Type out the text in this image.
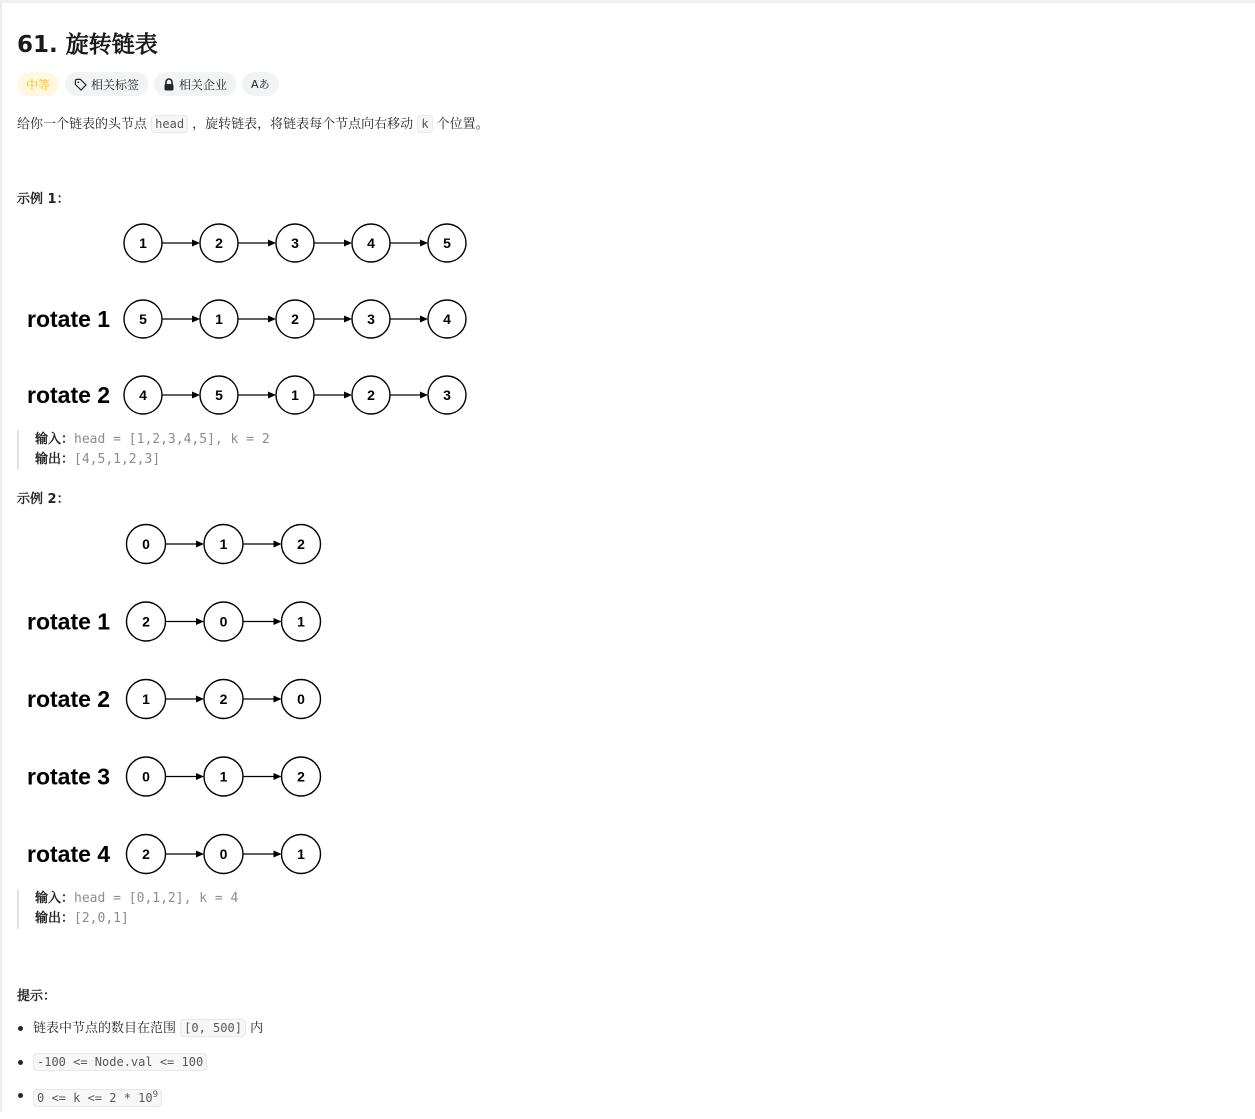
61. 旋转链表
中等	相关标签	相关企业 Aあ
给你一个链表的头节点 head ，旋转链表，将链表每个节点向右移动 k 个位置。
示例 1：
1	2	3	4	5
rotate 1 5	1	2	3	4
rotate 2 4	5	1	2	3
输入：head = [1,2,3,4,5], k = 2
输出：[4,5,1,2,3]
示例 2：
0	1	2
rotate 1 2	0	1
rotate 2 1	2	0
rotate 3 0	1	2
rotate 4 2	0	1
输入：head = [0,1,2], k = 4
输出：[2,0,1]
提示：
链表中节点的数目在范围 [0, 500] 内
-100 <= Node.val <= 100
$0 <= k <= 2 * 10^9$
